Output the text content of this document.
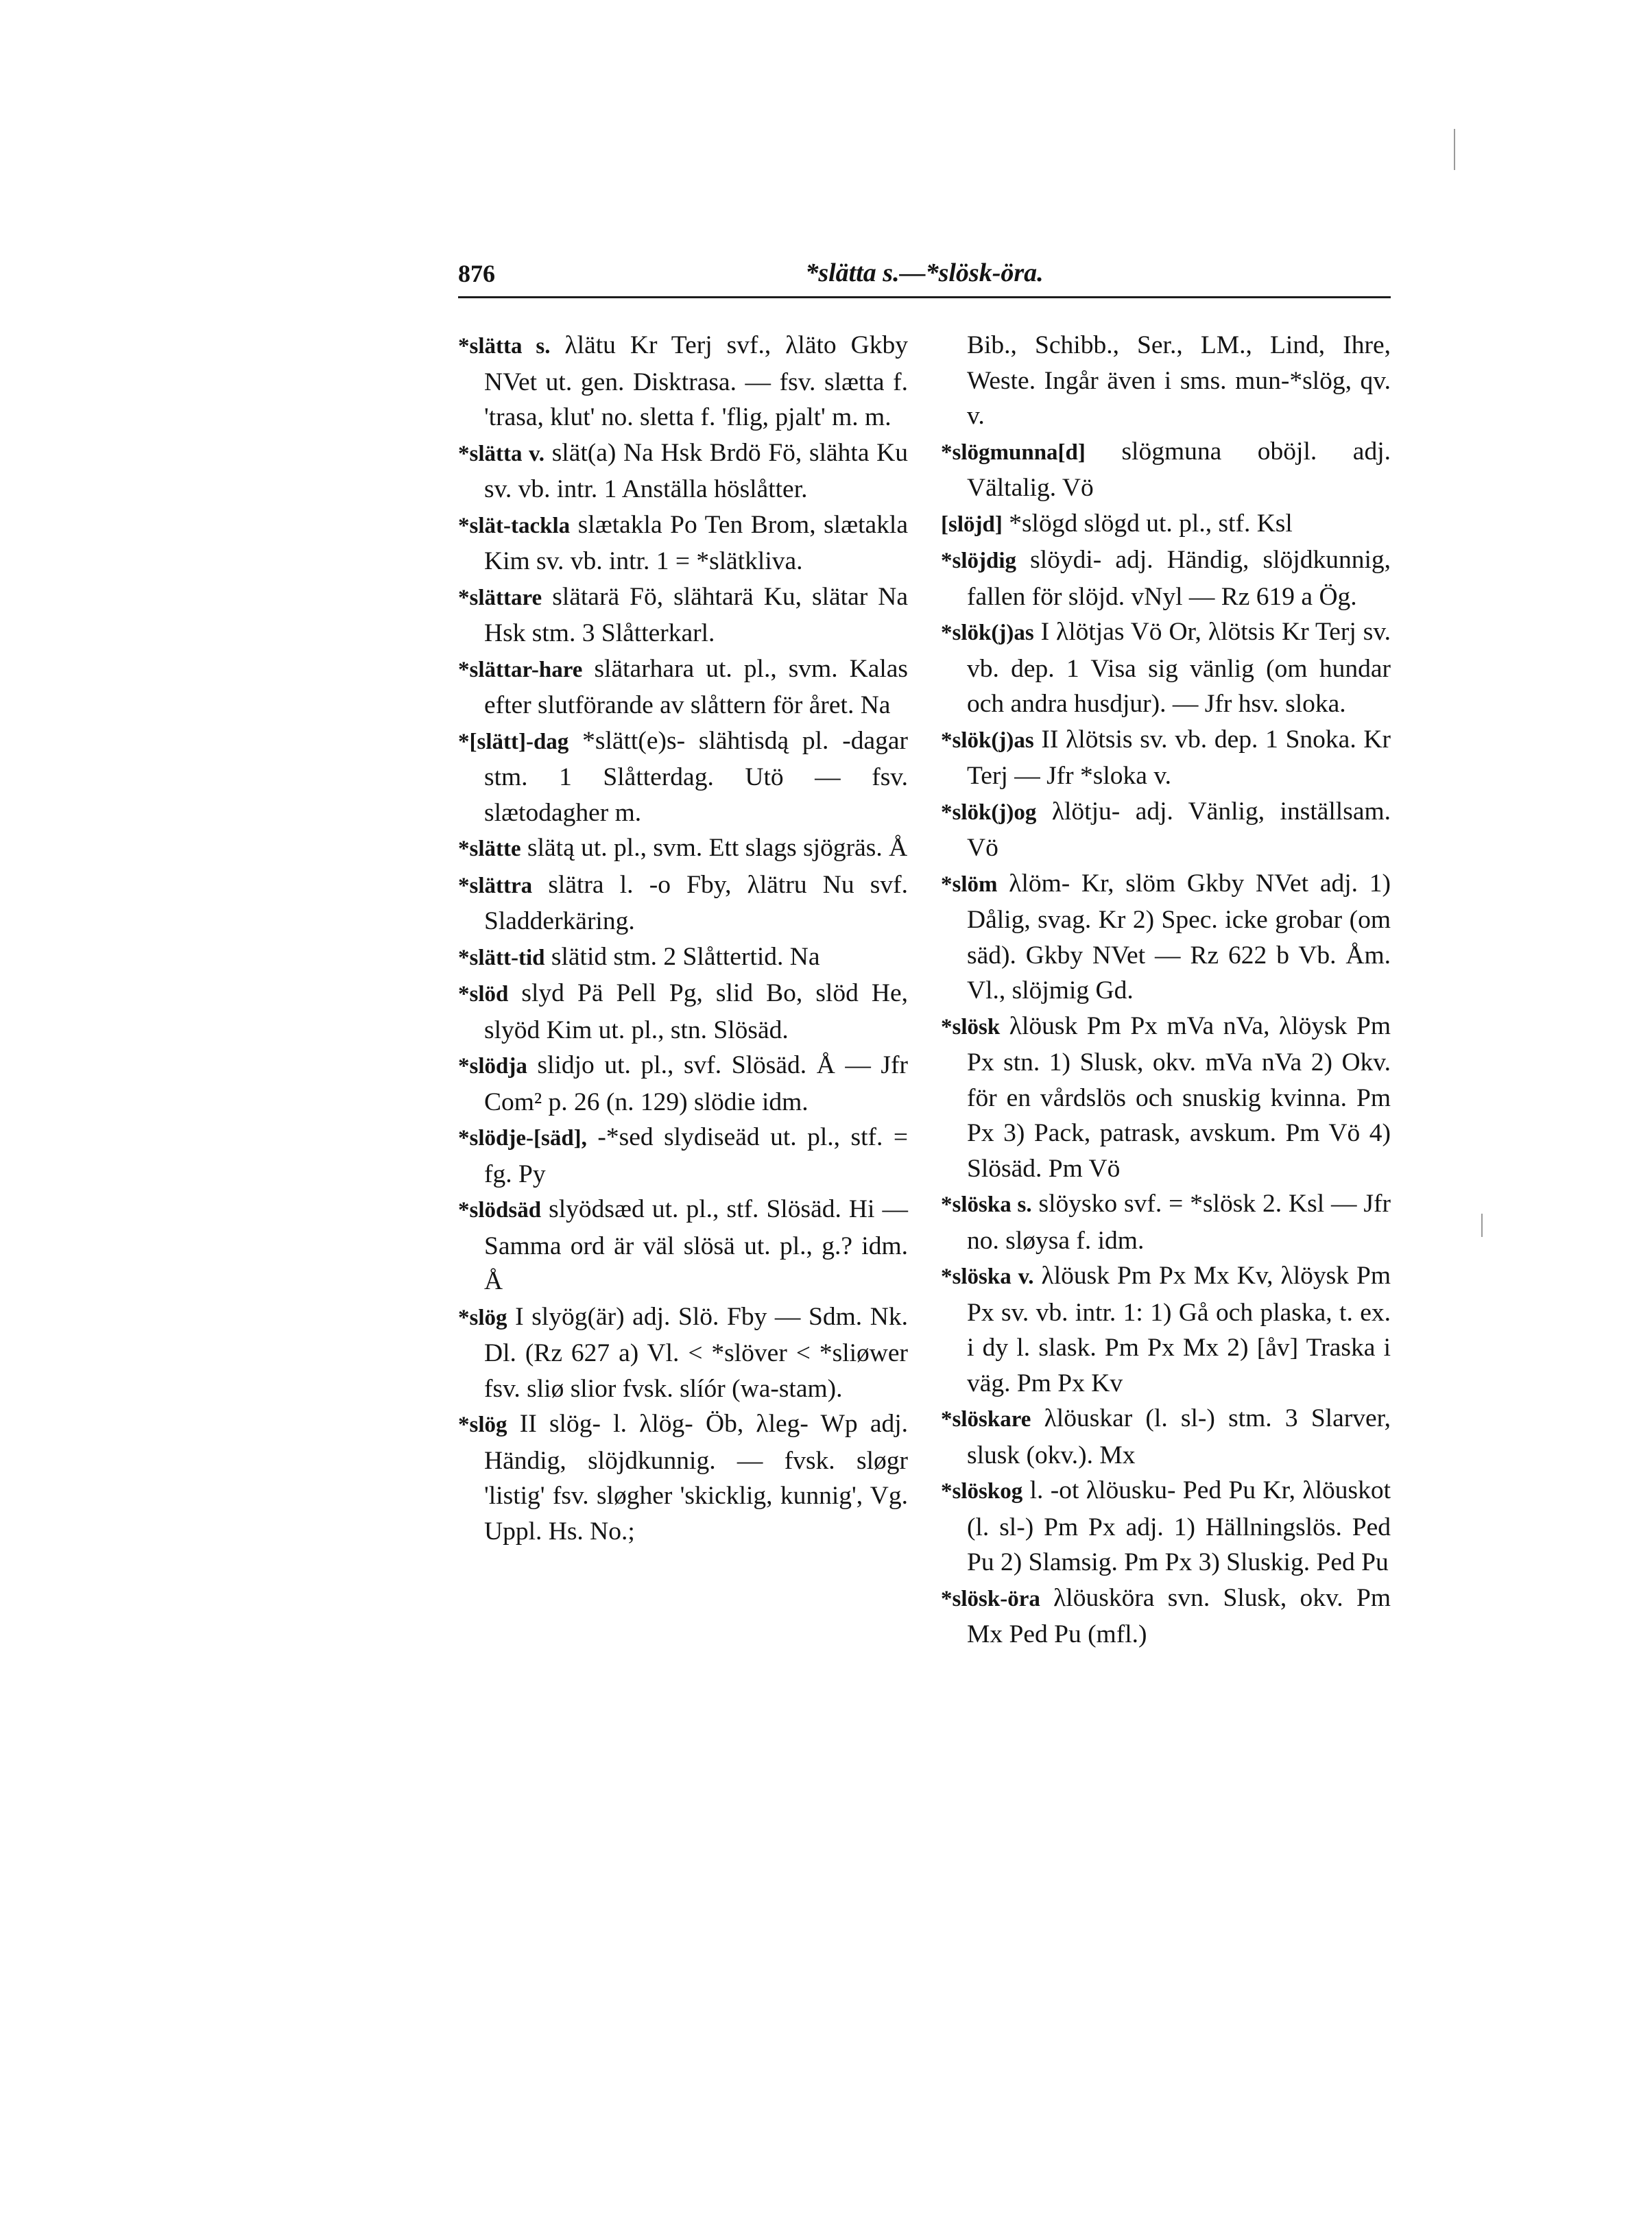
876	*slätta s.—*slösk-öra.
*slätta s. λlätu Kr Terj svf., λläto Gkby NVet ut. gen. Disktrasa. — fsv. slætta f. 'trasa, klut' no. sletta f. 'flig, pjalt' m. m.
*slätta v. slät(a) Na Hsk Brdö Fö, slähta Ku sv. vb. intr. 1 Anställa höslåtter.
*slät-tackla slætakla Po Ten Brom, slætakla Kim sv. vb. intr. 1 = *slätkliva.
*slättare slätarä Fö, slähtarä Ku, slätar Na Hsk stm. 3 Slåtterkarl.
*slättar-hare slätarhara ut. pl., svm. Kalas efter slutförande av slåttern för året. Na
*[slätt]-dag *slätt(e)s- slähtisdą pl. -dagar stm. 1 Slåtterdag. Utö — fsv. slætodagher m.
*slätte slätą ut. pl., svm. Ett slags sjögräs. Å
*slättra slätra l. -o Fby, λlätru Nu svf. Sladderkäring.
*slätt-tid slätid stm. 2 Slåttertid. Na
*slöd slyd Pä Pell Pg, slid Bo, slöd He, slyöd Kim ut. pl., stn. Slösäd.
*slödja slidjo ut. pl., svf. Slösäd. Å — Jfr Com² p. 26 (n. 129) slödie idm.
*slödje-[säd], -*sed slydiseäd ut. pl., stf. = fg. Py
*slödsäd slyödsæd ut. pl., stf. Slösäd. Hi — Samma ord är väl slösä ut. pl., g.? idm. Å
*slög I slyög(är) adj. Slö. Fby — Sdm. Nk. Dl. (Rz 627 a) Vl. < *slöver < *sliøwer fsv. sliø slior fvsk. slíór (wa-stam).
*slög II slög- l. λlög- Öb, λleg- Wp adj. Händig, slöjdkunnig. — fvsk. sløgr 'listig' fsv. sløgher 'skicklig, kunnig', Vg. Uppl. Hs. No.;
Bib., Schibb., Ser., LM., Lind, Ihre, Weste. Ingår även i sms. mun-*slög, qv. v.
*slögmunna[d] slögmuna oböjl. adj. Vältalig. Vö
[slöjd] *slögd slögd ut. pl., stf. Ksl
*slöjdig slöydi- adj. Händig, slöjdkunnig, fallen för slöjd. vNyl — Rz 619 a Ög.
*slök(j)as I λlötjas Vö Or, λlötsis Kr Terj sv. vb. dep. 1 Visa sig vänlig (om hundar och andra husdjur). — Jfr hsv. sloka.
*slök(j)as II λlötsis sv. vb. dep. 1 Snoka. Kr Terj — Jfr *sloka v.
*slök(j)og λlötju- adj. Vänlig, inställsam. Vö
*slöm λlöm- Kr, slöm Gkby NVet adj. 1) Dålig, svag. Kr 2) Spec. icke grobar (om säd). Gkby NVet — Rz 622 b Vb. Åm. Vl., slöjmig Gd.
*slösk λlöusk Pm Px mVa nVa, λlöysk Pm Px stn. 1) Slusk, okv. mVa nVa 2) Okv. för en vårdslös och snuskig kvinna. Pm Px 3) Pack, patrask, avskum. Pm Vö 4) Slösäd. Pm Vö
*slöska s. slöysko svf. = *slösk 2. Ksl — Jfr no. sløysa f. idm.
*slöska v. λlöusk Pm Px Mx Kv, λlöysk Pm Px sv. vb. intr. 1: 1) Gå och plaska, t. ex. i dy l. slask. Pm Px Mx 2) [åv] Traska i väg. Pm Px Kv
*slöskare λlöuskar (l. sl-) stm. 3 Slarver, slusk (okv.). Mx
*slöskog l. -ot λlöusku- Ped Pu Kr, λlöuskot (l. sl-) Pm Px adj. 1) Hällningslös. Ped Pu 2) Slamsig. Pm Px 3) Sluskig. Ped Pu
*slösk-öra λlöusköra svn. Slusk, okv. Pm Mx Ped Pu (mfl.)
